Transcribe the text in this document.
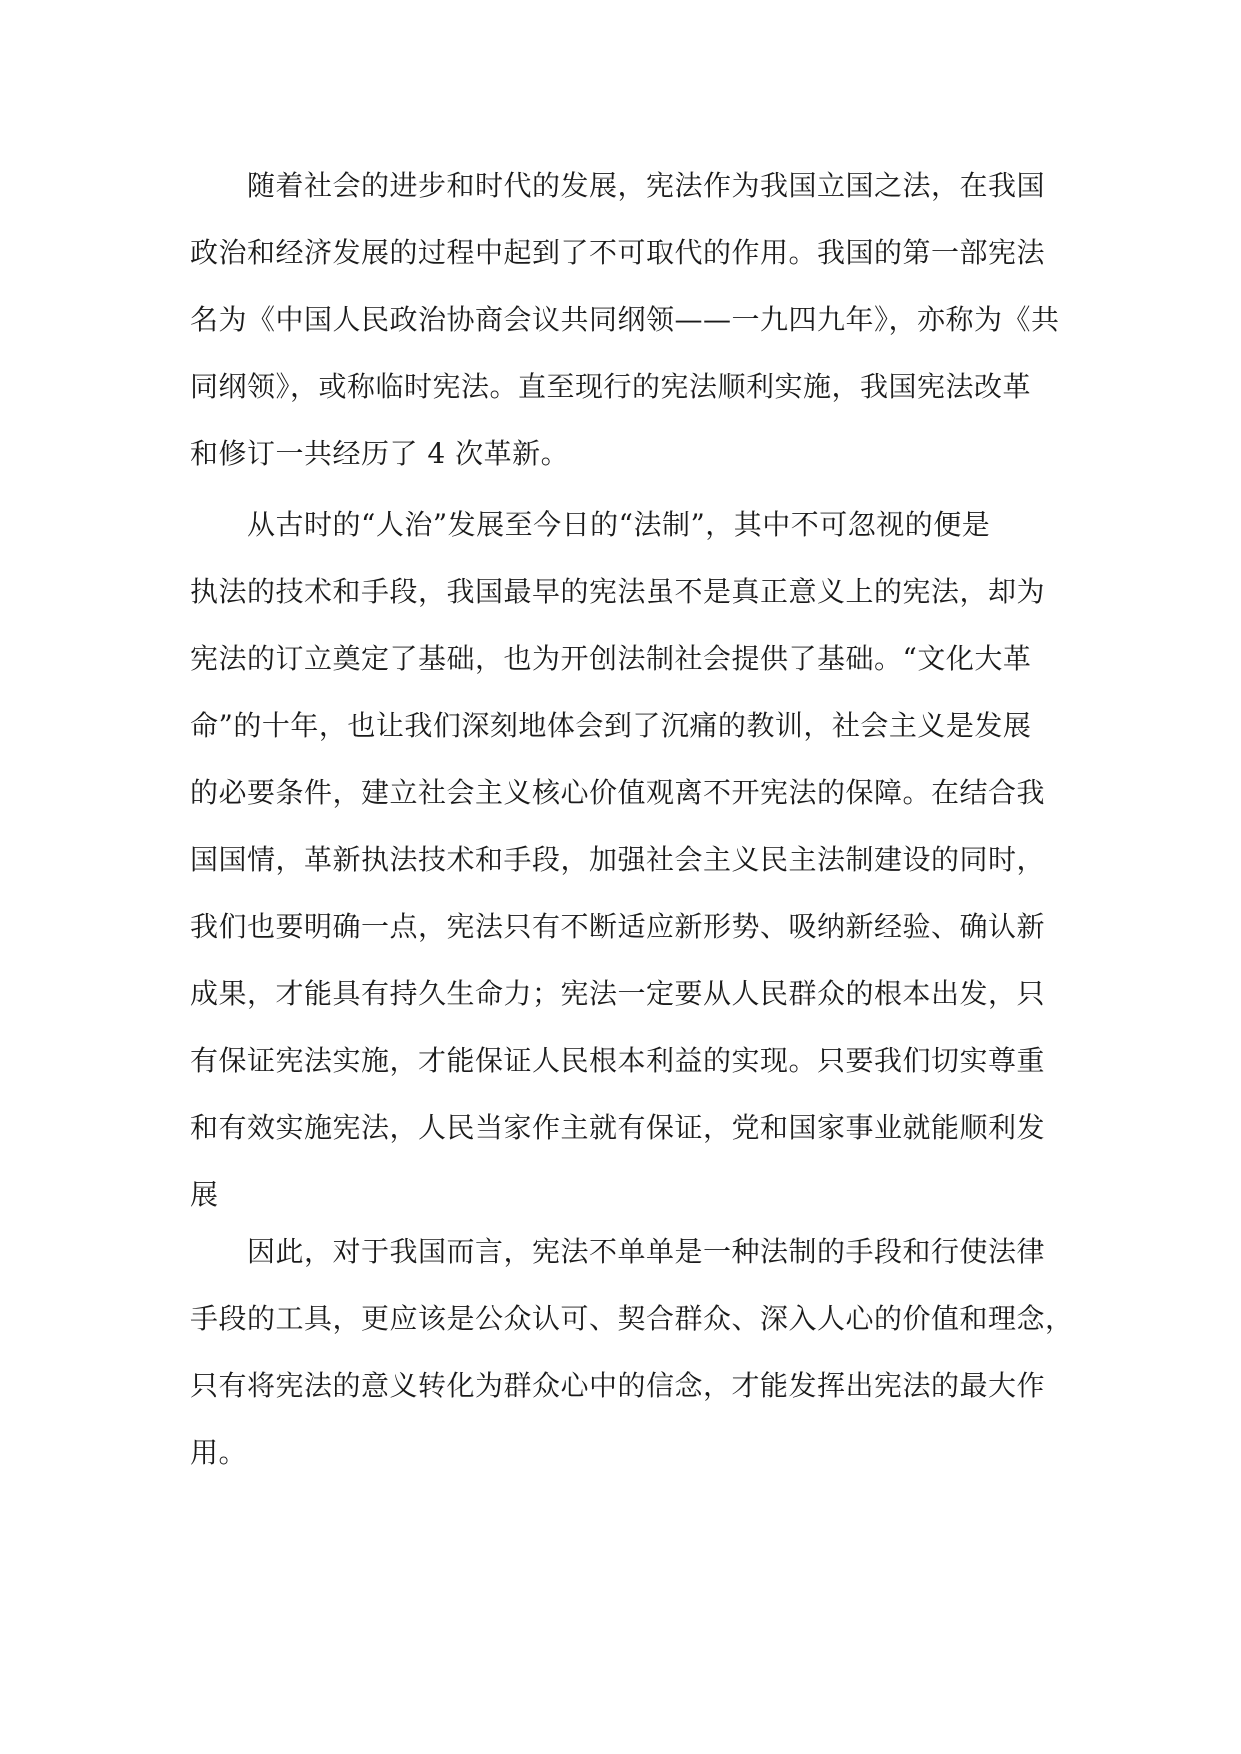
　　随着社会的进步和时代的发展，宪法作为我国立国之法，在我国
政治和经济发展的过程中起到了不可取代的作用。我国的第一部宪法
名为《中国人民政治协商会议共同纲领——一九四九年》，亦称为《共
同纲领》，或称临时宪法。直至现行的宪法顺利实施，我国宪法改革
和修订一共经历了 4 次革新。

　　从古时的“人治”发展至今日的“法制”，其中不可忽视的便是
执法的技术和手段，我国最早的宪法虽不是真正意义上的宪法，却为
宪法的订立奠定了基础，也为开创法制社会提供了基础。“文化大革
命”的十年，也让我们深刻地体会到了沉痛的教训，社会主义是发展
的必要条件，建立社会主义核心价值观离不开宪法的保障。在结合我
国国情，革新执法技术和手段，加强社会主义民主法制建设的同时，
我们也要明确一点，宪法只有不断适应新形势、吸纳新经验、确认新
成果，才能具有持久生命力；宪法一定要从人民群众的根本出发，只
有保证宪法实施，才能保证人民根本利益的实现。只要我们切实尊重
和有效实施宪法，人民当家作主就有保证，党和国家事业就能顺利发
展

　　因此，对于我国而言，宪法不单单是一种法制的手段和行使法律
手段的工具，更应该是公众认可、契合群众、深入人心的价值和理念，
只有将宪法的意义转化为群众心中的信念，才能发挥出宪法的最大作
用。
